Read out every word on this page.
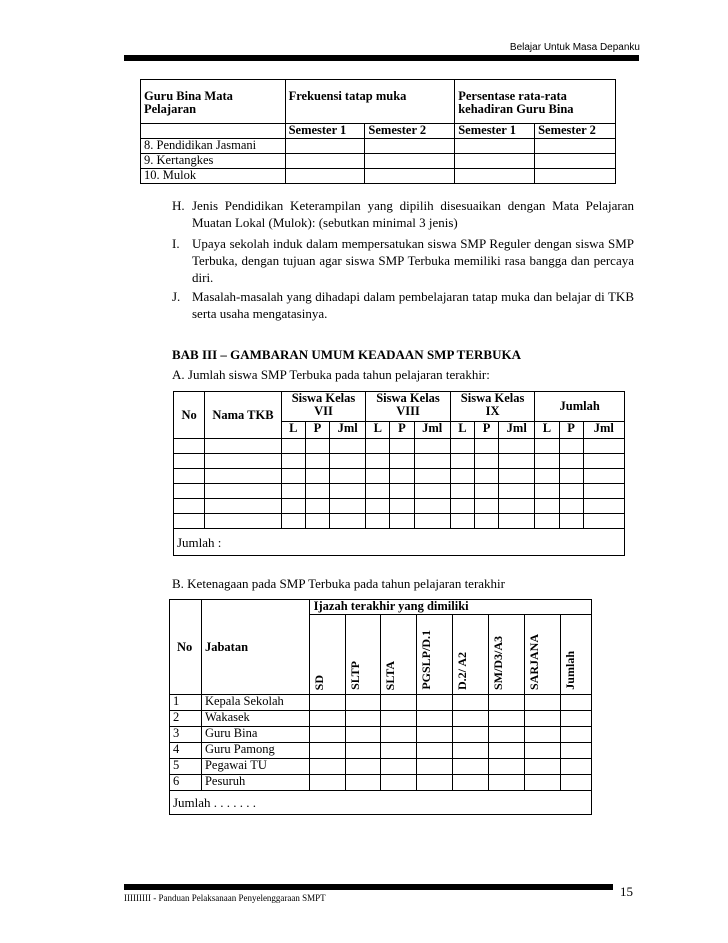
Belajar Untuk Masa Depanku
Guru Bina Mata Pelajaran	Frekuensi tatap muka		Persentase rata-rata kehadiran Guru Bina	
	Semester 1	Semester 2	Semester 1	Semester 2
8. Pendidikan Jasmani				
9. Kertangkes				
10. Mulok				
H. Jenis Pendidikan Keterampilan yang dipilih disesuaikan dengan Mata Pelajaran Muatan Lokal (Mulok): (sebutkan minimal 3 jenis)
I. Upaya sekolah induk dalam mempersatukan siswa SMP Reguler dengan siswa SMP Terbuka, dengan tujuan agar siswa SMP Terbuka memiliki rasa bangga dan percaya diri.
J. Masalah-masalah yang dihadapi dalam pembelajaran tatap muka dan belajar di TKB serta usaha mengatasinya.
BAB III – GAMBARAN UMUM KEADAAN SMP TERBUKA
A. Jumlah siswa SMP Terbuka pada tahun pelajaran terakhir:
No	Nama TKB	Siswa Kelas VII			Siswa Kelas VIII			Siswa Kelas IX			Jumlah		
		L	P	Jml	L	P	Jml	L	P	Jml	L	P	Jml

Jumlah :													
B. Ketenagaan pada SMP Terbuka pada tahun pelajaran terakhir
No	Jabatan	Ijazah terakhir yang dimiliki							

		SD	SLTP	SLTA	PGSLP/D.1	D.2/ A2	SM/D3/A3	SARJANA	Jumlah

1	Kepala Sekolah								
2	Wakasek								
3	Guru Bina								
4	Guru Pamong								
5	Pegawai TU								
6	Pesuruh								
Jumlah . . . . . . .									
IIIIIIIII - Panduan Pelaksanaan Penyelenggaraan SMPT	15
